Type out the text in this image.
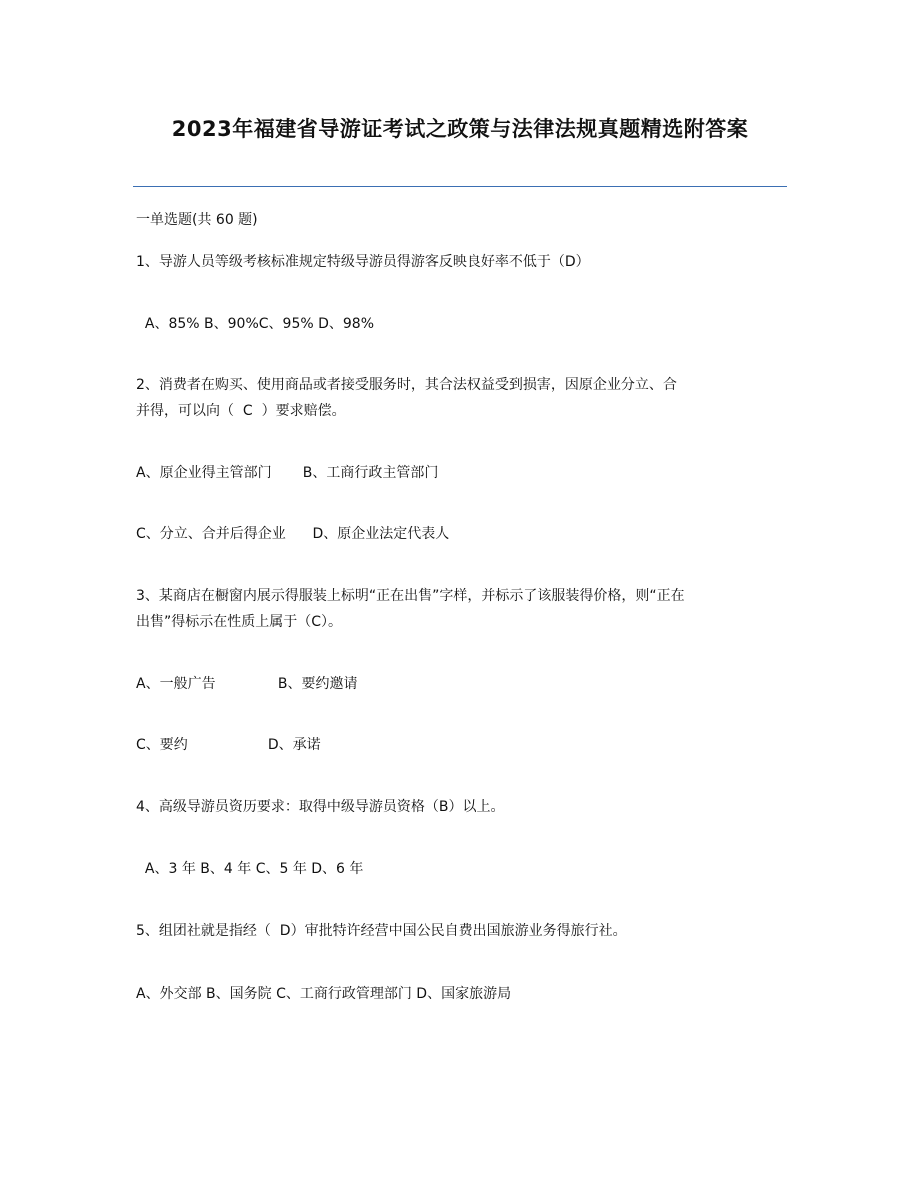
2023年福建省导游证考试之政策与法律法规真题精选附答案
一单选题(共 60 题)
1、导游人员等级考核标准规定特级导游员得游客反映良好率不低于（D）
A、85% B、90%C、95% D、98%
2、消费者在购买、使用商品或者接受服务时，其合法权益受到损害，因原企业分立、合
并得，可以向（  C  ）要求赔偿。
A、原企业得主管部门       B、工商行政主管部门
C、分立、合并后得企业      D、原企业法定代表人
3、某商店在橱窗内展示得服装上标明“正在出售”字样，并标示了该服装得价格，则“正在
出售”得标示在性质上属于（C）。
A、一般广告              B、要约邀请
C、要约                  D、承诺
4、高级导游员资历要求：取得中级导游员资格（B）以上。
A、3 年 B、4 年 C、5 年 D、6 年
5、组团社就是指经（  D）审批特许经营中国公民自费出国旅游业务得旅行社。
A、外交部 B、国务院 C、工商行政管理部门 D、国家旅游局
